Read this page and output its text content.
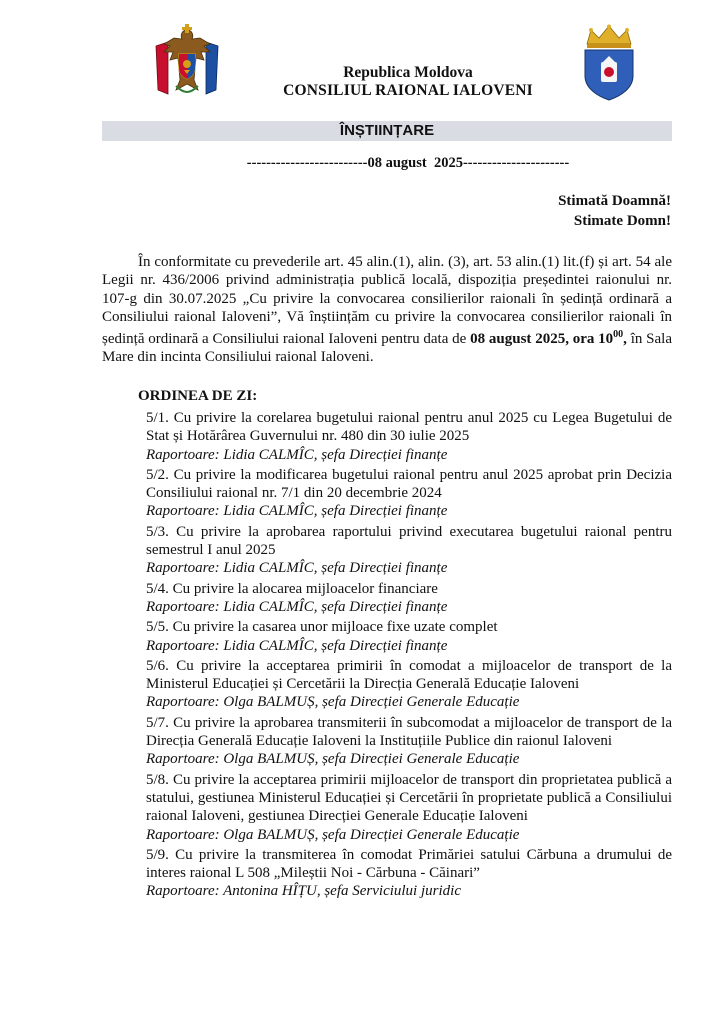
Republica Moldova
CONSILIUL RAIONAL IALOVENI
ÎNȘTIINȚARE
-------------------------08 august  2025----------------------
Stimată Doamnă!
Stimate Domn!
În conformitate cu prevederile art. 45 alin.(1), alin. (3), art. 53 alin.(1) lit.(f) și art. 54 ale Legii nr. 436/2006 privind administrația publică locală, dispoziția președintei raionului nr. 107-g din 30.07.2025 „Cu privire la convocarea consilierilor raionali în ședință ordinară a Consiliului raional Ialoveni”, Vă înștiințăm cu privire la convocarea consilierilor raionali în ședință ordinară a Consiliului raional Ialoveni pentru data de 08 august 2025, ora $10^{00}$, în Sala Mare din incinta Consiliului raional Ialoveni.
ORDINEA DE ZI:
5/1. Cu privire la corelarea bugetului raional pentru anul 2025 cu Legea Bugetului de Stat și Hotărârea Guvernului nr. 480 din 30 iulie 2025
Raportoare: Lidia CALMÎC, șefa Direcției finanțe
5/2. Cu privire la modificarea bugetului raional pentru anul 2025 aprobat prin Decizia Consiliului raional nr. 7/1 din 20 decembrie 2024
Raportoare: Lidia CALMÎC, șefa Direcției finanțe
5/3. Cu privire la aprobarea raportului privind executarea bugetului raional pentru semestrul I anul 2025
Raportoare: Lidia CALMÎC, șefa Direcției finanțe
5/4. Cu privire la alocarea mijloacelor financiare
Raportoare: Lidia CALMÎC, șefa Direcției finanțe
5/5. Cu privire la casarea unor mijloace fixe uzate complet
Raportoare: Lidia CALMÎC, șefa Direcției finanțe
5/6. Cu privire la acceptarea primirii în comodat a mijloacelor de transport de la Ministerul Educației și Cercetării la Direcția Generală Educație Ialoveni
Raportoare: Olga BALMUȘ, șefa Direcției Generale Educație
5/7. Cu privire la aprobarea transmiterii în subcomodat a mijloacelor de transport de la Direcția Generală Educație Ialoveni la Instituțiile Publice din raionul Ialoveni
Raportoare: Olga BALMUȘ, șefa Direcției Generale Educație
5/8. Cu privire la acceptarea primirii mijloacelor de transport din proprietatea publică a statului, gestiunea Ministerul Educației și Cercetării în proprietate publică a Consiliului raional Ialoveni, gestiunea Direcției Generale Educație Ialoveni
Raportoare: Olga BALMUȘ, șefa Direcției Generale Educație
5/9. Cu privire la transmiterea în comodat Primăriei satului Cărbuna a drumului de interes raional L 508 „Mileștii Noi - Cărbuna - Căinari”
Raportoare: Antonina HÎȚU, șefa Serviciului juridic
